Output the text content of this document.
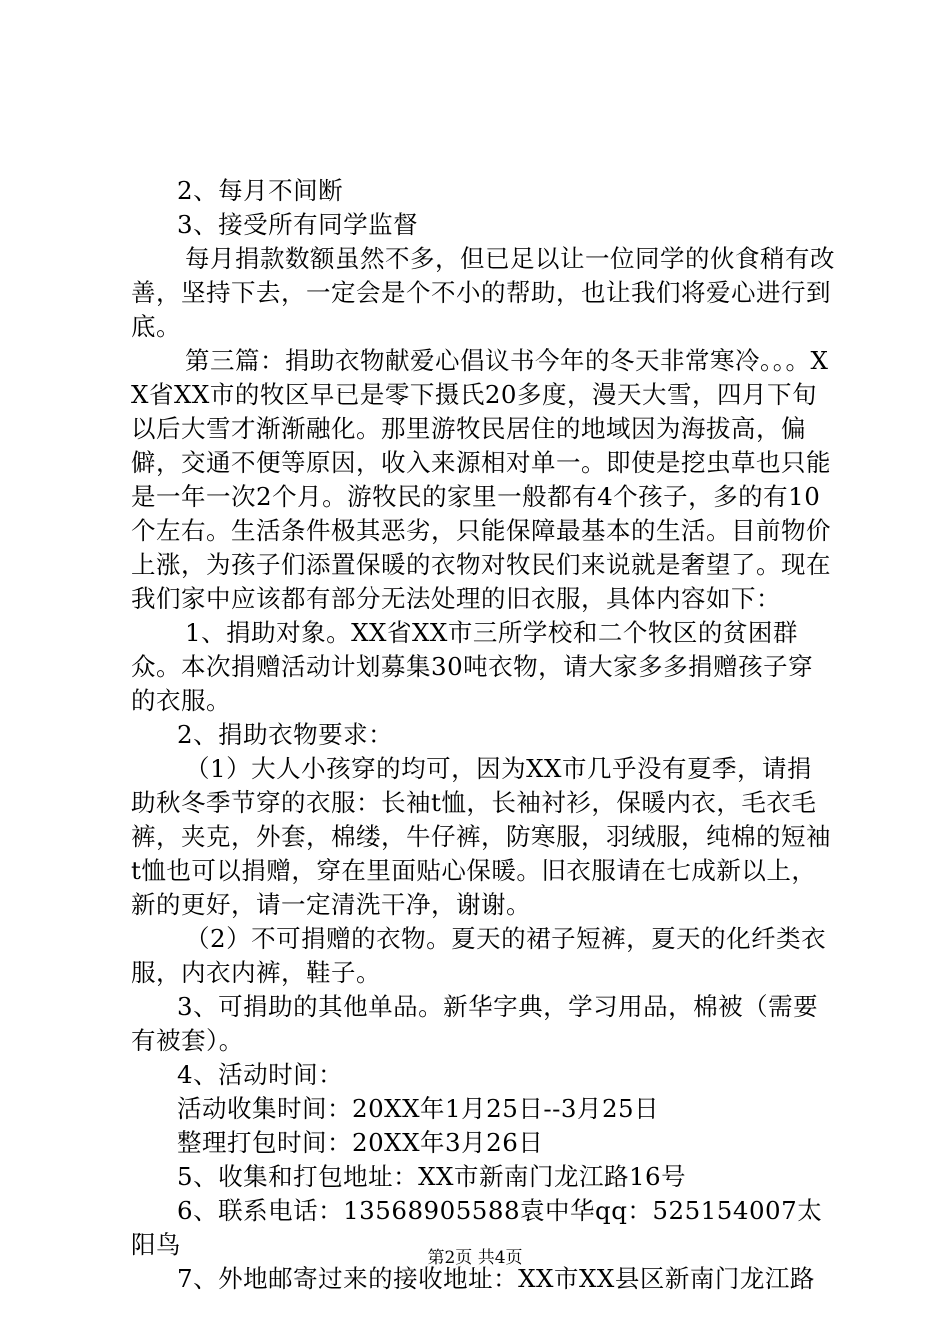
2、每月不间断

3、接受所有同学监督

每月捐款数额虽然不多，但已足以让一位同学的伙食稍有改善，坚持下去，一定会是个不小的帮助，也让我们将爱心进行到底。

第三篇：捐助衣物献爱心倡议书今年的冬天非常寒冷。。。XX省XX市的牧区早已是零下摄氏20多度，漫天大雪，四月下旬以后大雪才渐渐融化。那里游牧民居住的地域因为海拔高，偏僻，交通不便等原因，收入来源相对单一。即使是挖虫草也只能是一年一次2个月。游牧民的家里一般都有4个孩子，多的有10个左右。生活条件极其恶劣，只能保障最基本的生活。目前物价上涨，为孩子们添置保暖的衣物对牧民们来说就是奢望了。现在我们家中应该都有部分无法处理的旧衣服，具体内容如下：

1、捐助对象。XX省XX市三所学校和二个牧区的贫困群众。本次捐赠活动计划募集30吨衣物，请大家多多捐赠孩子穿的衣服。

2、捐助衣物要求：

（1）大人小孩穿的均可，因为XX市几乎没有夏季，请捐助秋冬季节穿的衣服：长袖t恤，长袖衬衫，保暖内衣，毛衣毛裤，夹克，外套，棉缕，牛仔裤，防寒服，羽绒服，纯棉的短袖t恤也可以捐赠，穿在里面贴心保暖。旧衣服请在七成新以上，新的更好，请一定清洗干净，谢谢。

（2）不可捐赠的衣物。夏天的裙子短裤，夏天的化纤类衣服，内衣内裤，鞋子。

3、可捐助的其他单品。新华字典，学习用品，棉被（需要有被套）。

4、活动时间：

活动收集时间：20XX年1月25日--3月25日

整理打包时间：20XX年3月26日

5、收集和打包地址：XX市新南门龙江路16号

6、联系电话：13568905588袁中华qq：525154007太阳鸟

7、外地邮寄过来的接收地址：XX市XX县区新南门龙江路

第2页 共4页
